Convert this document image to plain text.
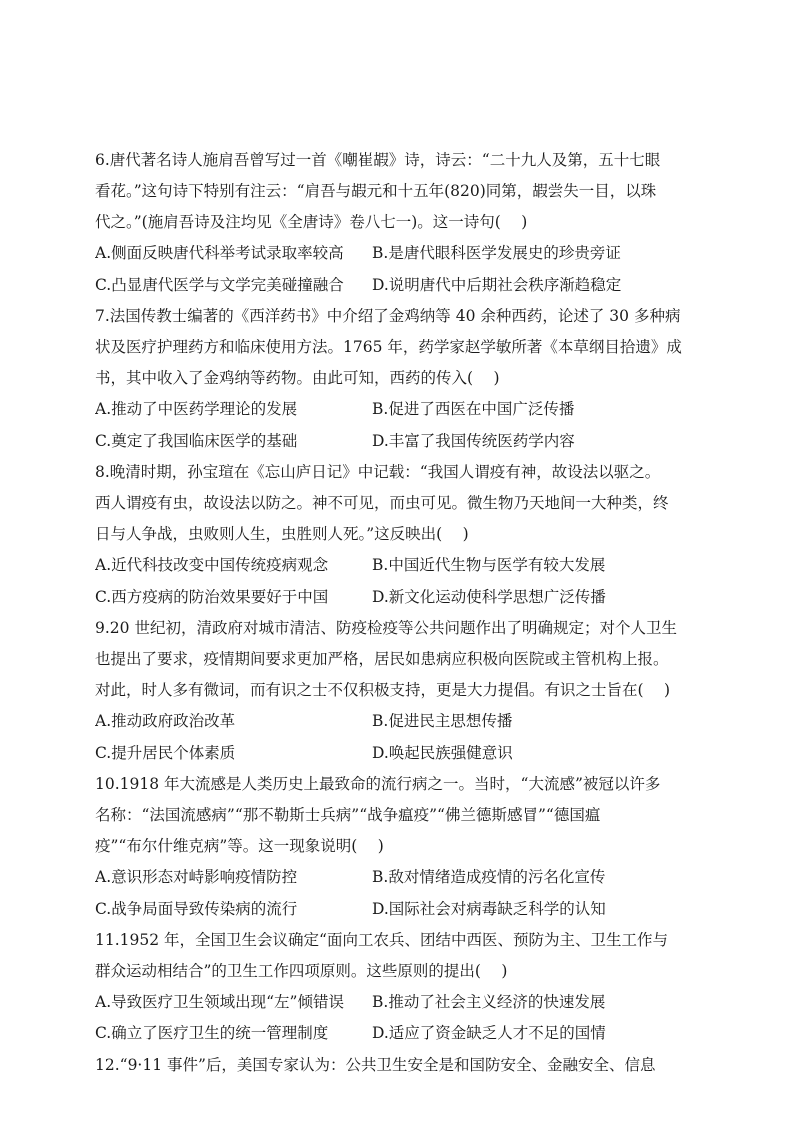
6.唐代著名诗人施肩吾曾写过一首《嘲崔嘏》诗，诗云：“二十九人及第，五十七眼
看花。”这句诗下特别有注云：“肩吾与嘏元和十五年(820)同第，嘏尝失一目，以珠
代之。”(施肩吾诗及注均见《全唐诗》卷八七一)。这一诗句(　 )
A.侧面反映唐代科举考试录取率较高	B.是唐代眼科医学发展史的珍贵旁证
C.凸显唐代医学与文学完美碰撞融合	D.说明唐代中后期社会秩序渐趋稳定
7.法国传教士编著的《西洋药书》中介绍了金鸡纳等 40 余种西药，论述了 30 多种病
状及医疗护理药方和临床使用方法。1765 年，药学家赵学敏所著《本草纲目拾遗》成
书，其中收入了金鸡纳等药物。由此可知，西药的传入(　 )
A.推动了中医药学理论的发展	B.促进了西医在中国广泛传播
C.奠定了我国临床医学的基础	D.丰富了我国传统医药学内容
8.晚清时期，孙宝瑄在《忘山庐日记》中记载：“我国人谓疫有神，故设法以驱之。
西人谓疫有虫，故设法以防之。神不可见，而虫可见。微生物乃天地间一大种类，终
日与人争战，虫败则人生，虫胜则人死。”这反映出(　 )
A.近代科技改变中国传统疫病观念	B.中国近代生物与医学有较大发展
C.西方疫病的防治效果要好于中国	D.新文化运动使科学思想广泛传播
9.20 世纪初，清政府对城市清洁、防疫检疫等公共问题作出了明确规定；对个人卫生
也提出了要求，疫情期间要求更加严格，居民如患病应积极向医院或主管机构上报。
对此，时人多有微词，而有识之士不仅积极支持，更是大力提倡。有识之士旨在(　 )
A.推动政府政治改革	B.促进民主思想传播
C.提升居民个体素质	D.唤起民族强健意识
10.1918 年大流感是人类历史上最致命的流行病之一。当时，“大流感”被冠以许多
名称：“法国流感病”“那不勒斯士兵病”“战争瘟疫”“佛兰德斯感冒”“德国瘟
疫”“布尔什维克病”等。这一现象说明(　 )
A.意识形态对峙影响疫情防控	B.敌对情绪造成疫情的污名化宣传
C.战争局面导致传染病的流行	D.国际社会对病毒缺乏科学的认知
11.1952 年，全国卫生会议确定“面向工农兵、团结中西医、预防为主、卫生工作与
群众运动相结合”的卫生工作四项原则。这些原则的提出(　 )
A.导致医疗卫生领域出现“左”倾错误	B.推动了社会主义经济的快速发展
C.确立了医疗卫生的统一管理制度	D.适应了资金缺乏人才不足的国情
12.“9·11 事件”后，美国专家认为：公共卫生安全是和国防安全、金融安全、信息
